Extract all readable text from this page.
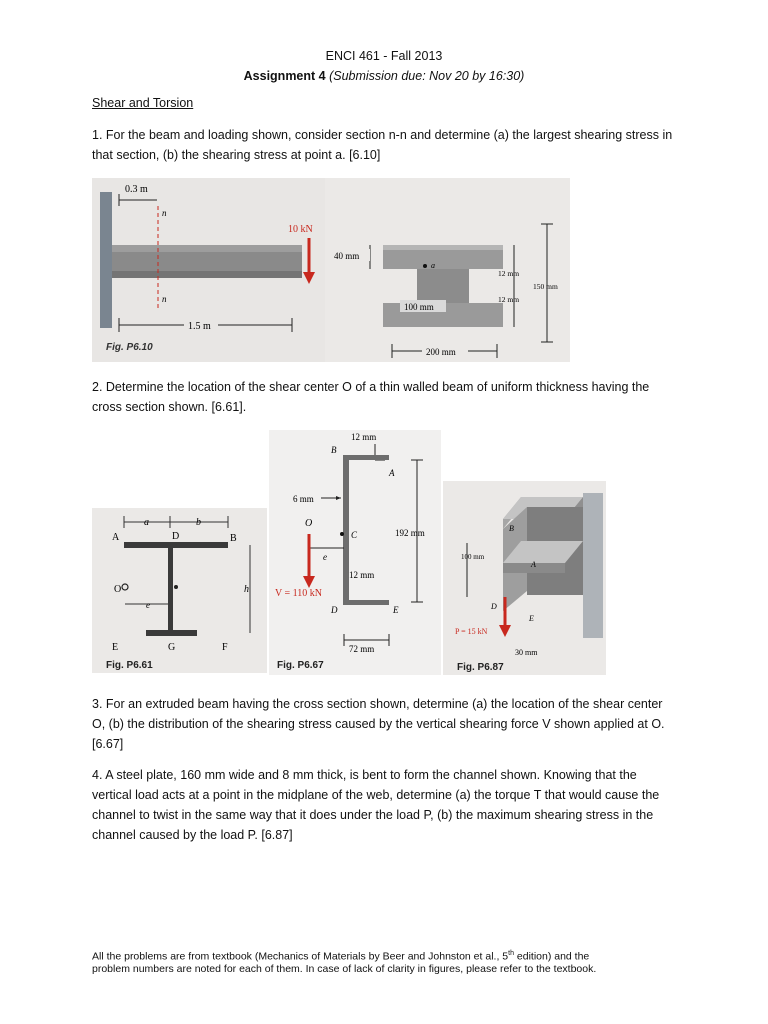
ENCI 461 - Fall 2013
Assignment 4 (Submission due: Nov 20 by 16:30)
Shear and Torsion
1. For the beam and loading shown, consider section n-n and determine (a) the largest shearing stress in
that section, (b) the shearing stress at point a. [6.10]
0.3 m
n
n
10 kN
1.5 m
Fig. P6.10
a
40 mm
100 mm
200 mm
12 mm
12 mm
150 mm
2. Determine the location of the shear center O of a thin walled beam of uniform thickness having the
cross section shown. [6.61].
a	b
A	D	B
O
e
h
E	G	F
Fig. P6.61
12 mm
B
A
6 mm
O
C
e
V = 110 kN
12 mm
192 mm
D	E
72 mm
Fig. P6.67
100 mm
B
A
D
E
P = 15 kN
30 mm
Fig. P6.87
3. For an extruded beam having the cross section shown, determine (a) the location of the shear center
O, (b) the distribution of the shearing stress caused by the vertical shearing force V shown applied at O.
[6.67]
4. A steel plate, 160 mm wide and 8 mm thick, is bent to form the channel shown. Knowing that the
vertical load acts at a point in the midplane of the web, determine (a) the torque T that would cause the
channel to twist in the same way that it does under the load P, (b) the maximum shearing stress in the
channel caused by the load P. [6.87]
All the problems are from textbook (Mechanics of Materials by Beer and Johnston et al., 5th edition) and the
problem numbers are noted for each of them. In case of lack of clarity in figures, please refer to the textbook.
